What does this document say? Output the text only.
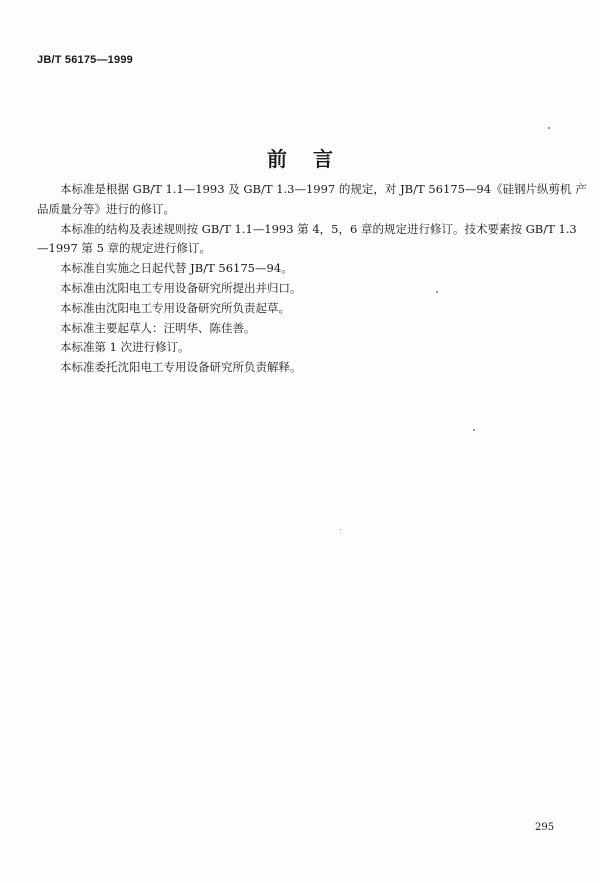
JB/T 56175—1999
前言
本标准是根据 GB/T 1.1—1993 及 GB/T 1.3—1997 的规定，对 JB/T 56175—94《硅钢片纵剪机 产
品质量分等》进行的修订。
本标准的结构及表述规则按 GB/T 1.1—1993 第 4，5，6 章的规定进行修订。技术要素按 GB/T 1.3
—1997 第 5 章的规定进行修订。
本标准自实施之日起代替 JB/T 56175—94。
本标准由沈阳电工专用设备研究所提出并归口。
本标准由沈阳电工专用设备研究所负责起草。
本标准主要起草人：汪明华、陈佳善。
本标准第 1 次进行修订。
本标准委托沈阳电工专用设备研究所负责解释。
295
